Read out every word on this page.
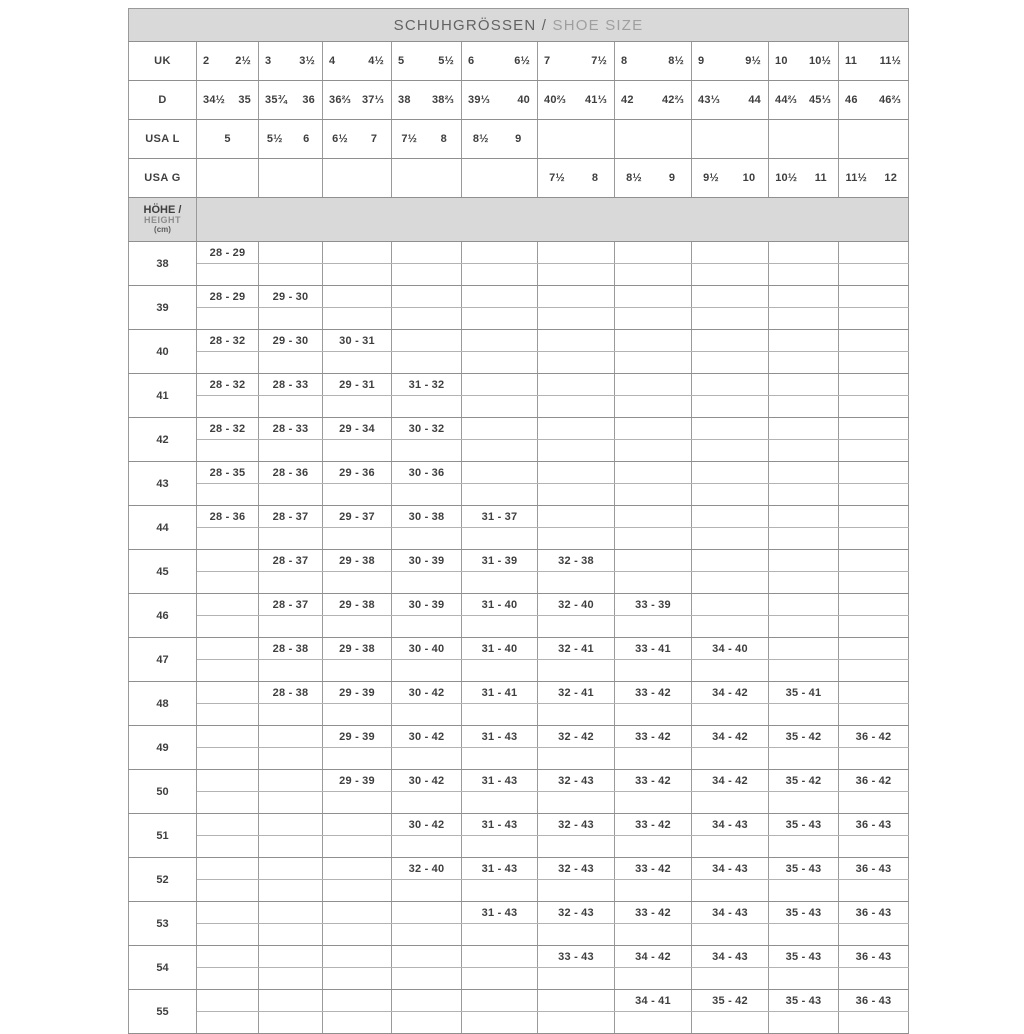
SCHUHGRÖSSEN / SHOE SIZE										
UK	2 2½	3 3½	4 4½	5 5½	6 6½	7 7½	8 8½	9 9½	10 10½	11 11½

D	34½ 35	35¾ 36	36⅔ 37⅓	38 38⅔	39⅓ 40	40⅔ 41⅓	42 42⅔	43⅓ 44	44⅔ 45⅓	46 46⅔

USA L	5	5½ 6	6½ 7	7½ 8	8½ 9					

USA G						7½ 8	8½ 9	9½ 10	10½ 11	11½ 12

HÖHE /
HEIGHT
(cm)										

38	28 - 29									

39	28 - 29	29 - 30								

40	28 - 32	29 - 30	30 - 31							

41	28 - 32	28 - 33	29 - 31	31 - 32						

42	28 - 32	28 - 33	29 - 34	30 - 32						

43	28 - 35	28 - 36	29 - 36	30 - 36						

44	28 - 36	28 - 37	29 - 37	30 - 38	31 - 37					

45		28 - 37	29 - 38	30 - 39	31 - 39	32 - 38				

46		28 - 37	29 - 38	30 - 39	31 - 40	32 - 40	33 - 39			

47		28 - 38	29 - 38	30 - 40	31 - 40	32 - 41	33 - 41	34 - 40		

48		28 - 38	29 - 39	30 - 42	31 - 41	32 - 41	33 - 42	34 - 42	35 - 41	

49			29 - 39	30 - 42	31 - 43	32 - 42	33 - 42	34 - 42	35 - 42	36 - 42

50			29 - 39	30 - 42	31 - 43	32 - 43	33 - 42	34 - 42	35 - 42	36 - 42

51				30 - 42	31 - 43	32 - 43	33 - 42	34 - 43	35 - 43	36 - 43

52				32 - 40	31 - 43	32 - 43	33 - 42	34 - 43	35 - 43	36 - 43

53					31 - 43	32 - 43	33 - 42	34 - 43	35 - 43	36 - 43

54						33 - 43	34 - 42	34 - 43	35 - 43	36 - 43

55							34 - 41	35 - 42	35 - 43	36 - 43
